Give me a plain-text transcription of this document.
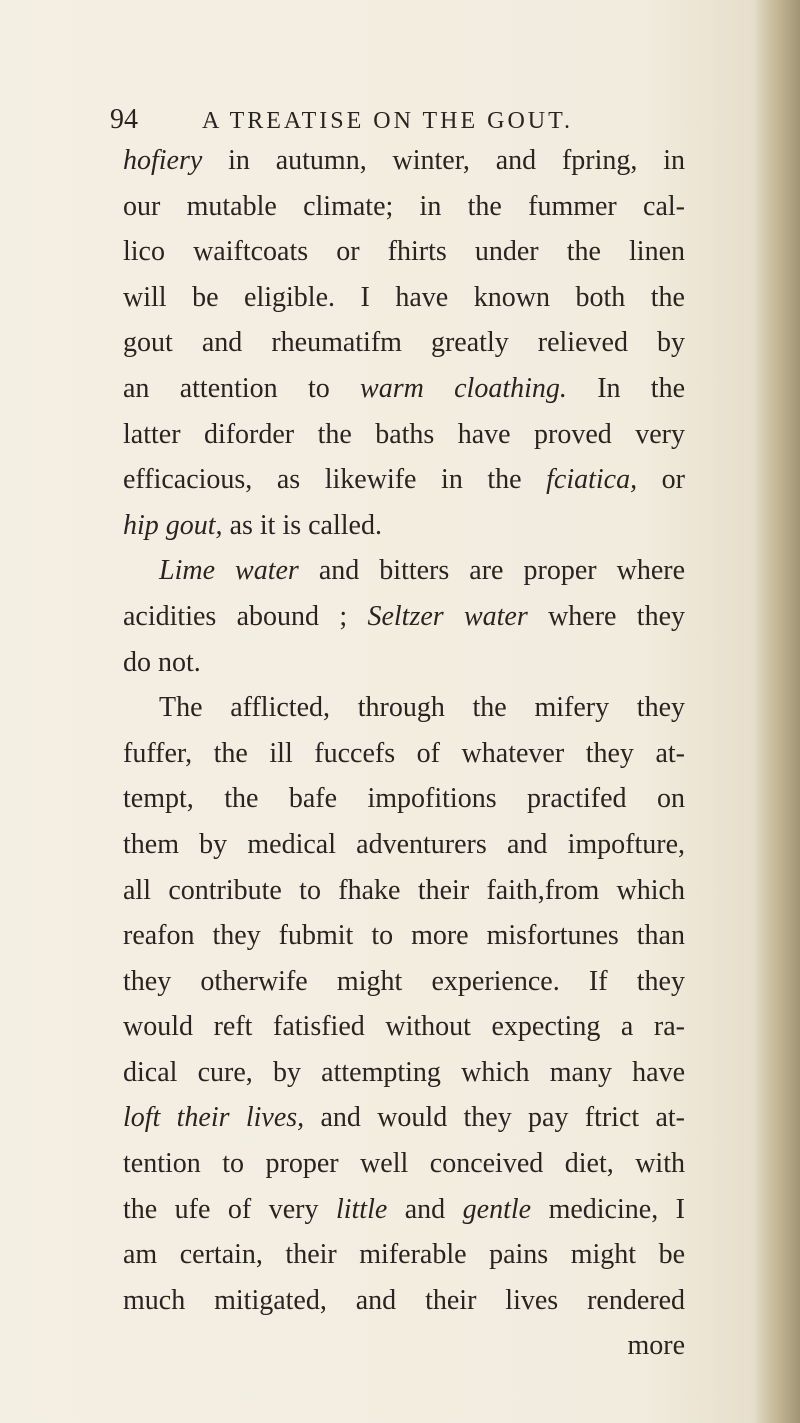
94	A TREATISE ON THE GOUT.
hofiery in autumn, winter, and fpring, in
our mutable climate; in the fummer cal-
lico waiftcoats or fhirts under the linen
will be eligible. I have known both the
gout and rheumatifm greatly relieved by
an attention to warm cloathing. In the
latter diforder the baths have proved very
efficacious, as likewife in the fciatica, or
hip gout, as it is called.
Lime water and bitters are proper where
acidities abound ; Seltzer water where they
do not.
The afflicted, through the mifery they
fuffer, the ill fuccefs of whatever they at-
tempt, the bafe impofitions practifed on
them by medical adventurers and impofture,
all contribute to fhake their faith,from which
reafon they fubmit to more misfortunes than
they otherwife might experience. If they
would reft fatisfied without expecting a ra-
dical cure, by attempting which many have
loft their lives, and would they pay ftrict at-
tention to proper well conceived diet, with
the ufe of very little and gentle medicine, I
am certain, their miferable pains might be
much mitigated, and their lives rendered
more
